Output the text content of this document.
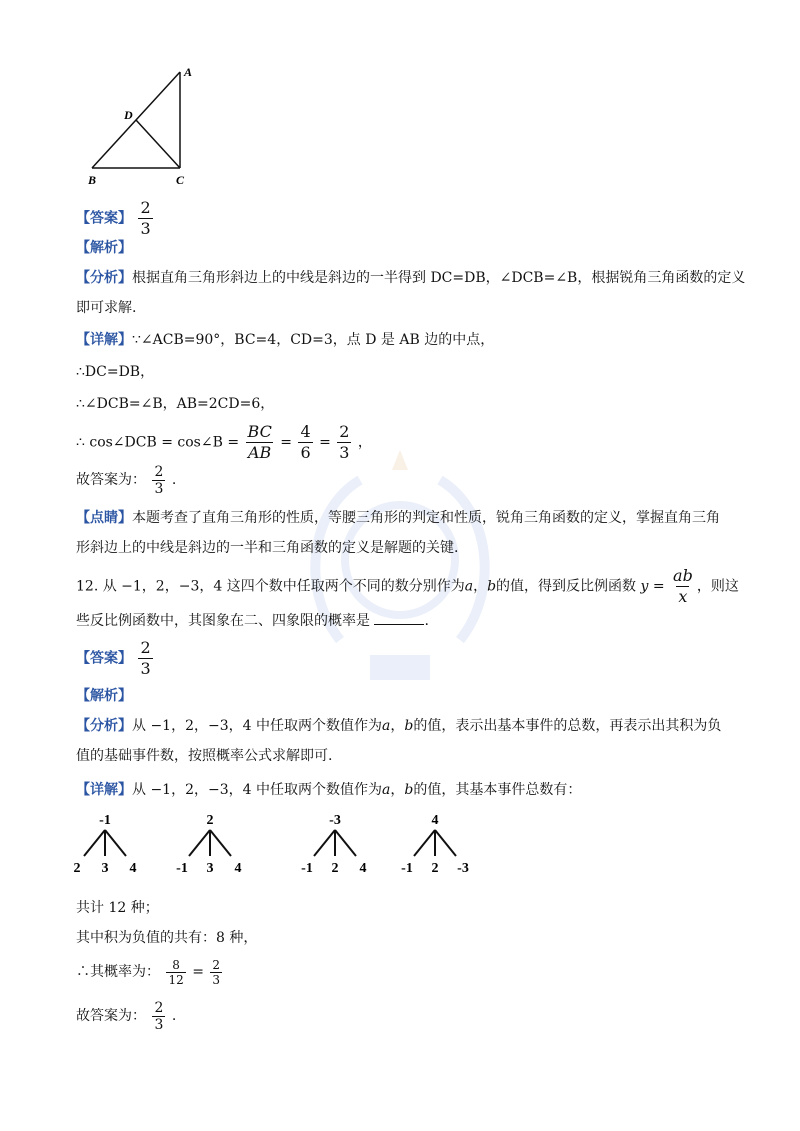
A
D
B	C
【答案】 $\frac{2}{3}$
【解析】
【分析】根据直角三角形斜边上的中线是斜边的一半得到 DC=DB，∠DCB=∠B，根据锐角三角函数的定义
即可求解.
【详解】∵∠ACB=90°，BC=4，CD=3，点 D 是 AB 边的中点，
∴DC=DB，
∴∠DCB=∠B，AB=2CD=6，
∴ cos∠DCB = cos∠B = $\frac{BC}{AB} = \frac{4}{6} = \frac{2}{3}$ ，
故答案为： $\frac{2}{3}$ .
【点睛】本题考查了直角三角形的性质，等腰三角形的判定和性质，锐角三角函数的定义，掌握直角三角
形斜边上的中线是斜边的一半和三角函数的定义是解题的关键.
12. 从 −1，2，−3，4 这四个数中任取两个不同的数分别作为a，b的值，得到反比例函数 $y = \frac{ab}{x}$ ，则这
些反比例函数中，其图象在二、四象限的概率是	.
【答案】 $\frac{2}{3}$
【解析】
【分析】从 −1，2，−3，4 中任取两个数值作为a，b的值，表示出基本事件的总数，再表示出其积为负
值的基础事件数，按照概率公式求解即可.
【详解】从 −1，2，−3，4 中任取两个数值作为a，b的值，其基本事件总数有：
-1
2 3 4
2
-1 3 4
-3
-1 2 4
4
-1 2 -3
共计 12 种；
其中积为负值的共有：8 种，
∴其概率为： $\frac{8}{12} = \frac{2}{3}$
故答案为： $\frac{2}{3}$ .
